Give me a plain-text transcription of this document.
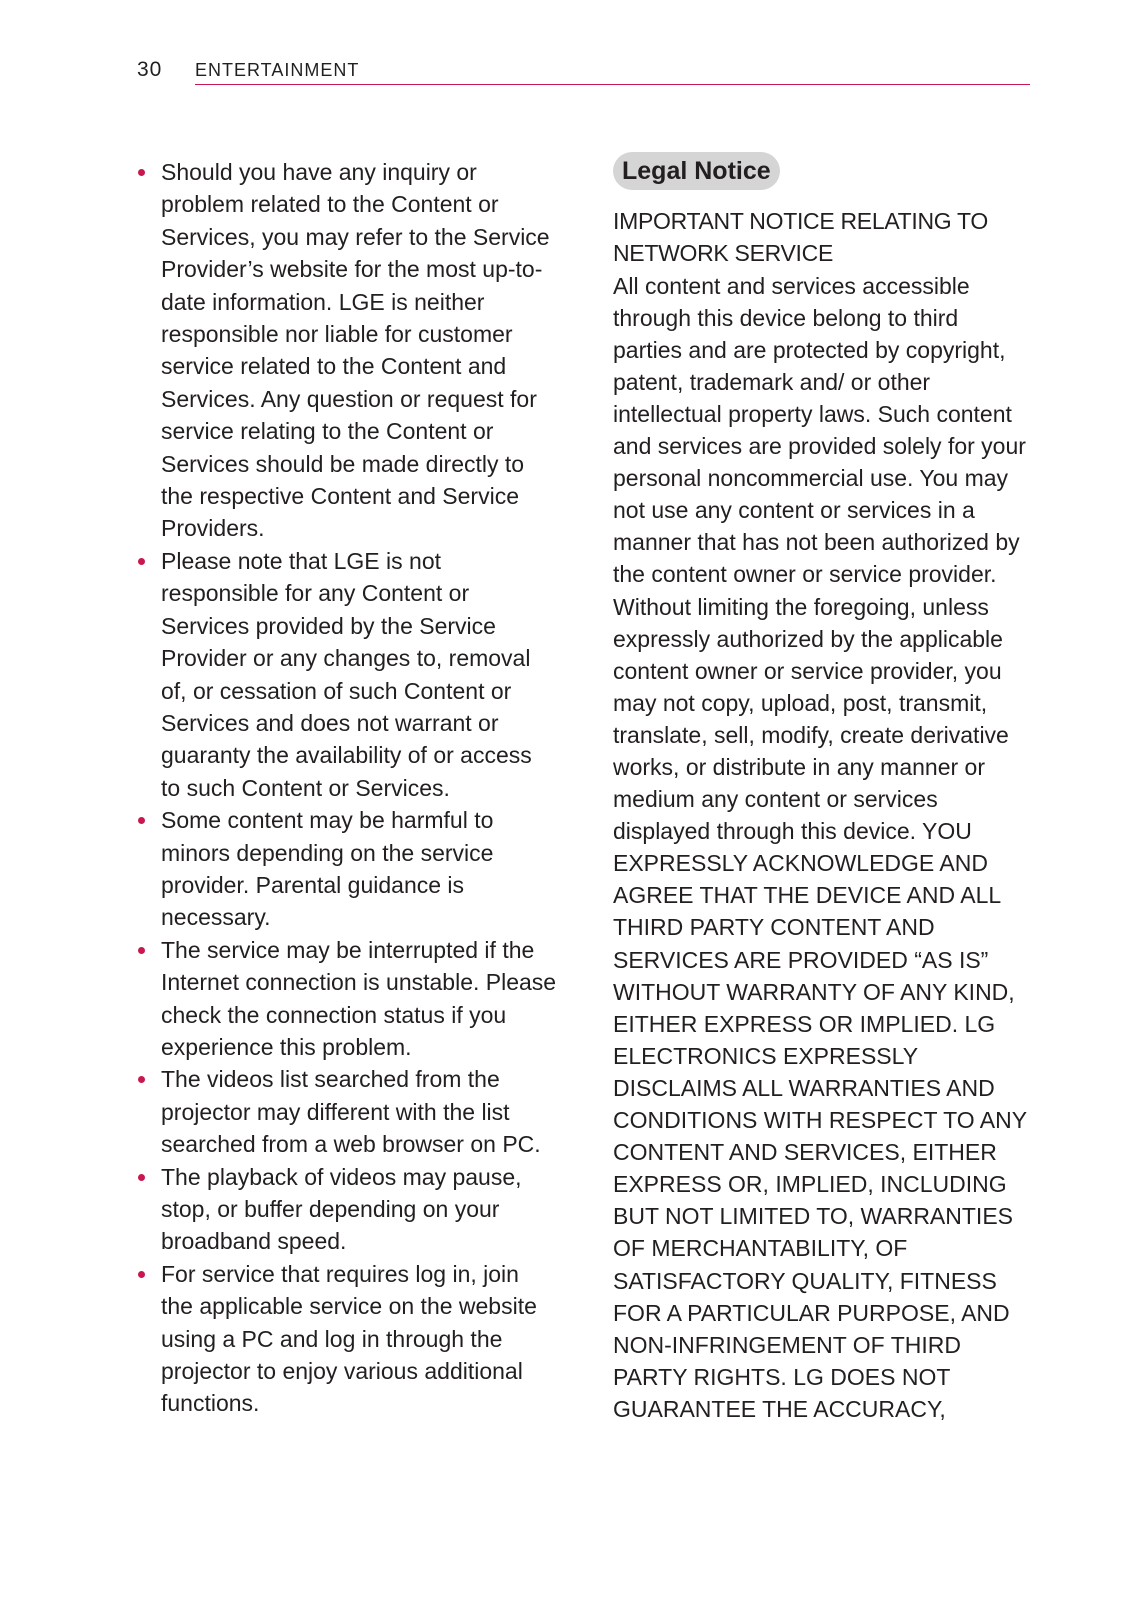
30 ENTERTAINMENT
Should you have any inquiry or problem related to the Content or Services, you may refer to the Service Provider’s website for the most up-to-date information. LGE is neither responsible nor liable for customer service related to the Content and Services. Any question or request for service relating to the Content or Services should be made directly to the respective Content and Service Providers.
Please note that LGE is not responsible for any Content or Services provided by the Service Provider or any changes to, removal of, or cessation of such Content or Services and does not warrant or guaranty the availability of or access to such Content or Services.
Some content may be harmful to minors depending on the service provider. Parental guidance is necessary.
The service may be interrupted if the Internet connection is unstable. Please check the connection status if you experience this problem.
The videos list searched from the projector may different with the list searched from a web browser on PC.
The playback of videos may pause, stop, or buffer depending on your broadband speed.
For service that requires log in, join the applicable service on the website using a PC and log in through the projector to enjoy various additional functions.
Legal Notice
IMPORTANT NOTICE RELATING TO NETWORK SERVICE
All content and services accessible through this device belong to third parties and are protected by copyright, patent, trademark and/ or other intellectual property laws. Such content and services are provided solely for your personal noncommercial use. You may not use any content or services in a manner that has not been authorized by the content owner or service provider. Without limiting the foregoing, unless expressly authorized by the applicable content owner or service provider, you may not copy, upload, post, transmit, translate, sell, modify, create derivative works, or distribute in any manner or medium any content or services displayed through this device. YOU EXPRESSLY ACKNOWLEDGE AND AGREE THAT THE DEVICE AND ALL THIRD PARTY CONTENT AND SERVICES ARE PROVIDED “AS IS” WITHOUT WARRANTY OF ANY KIND, EITHER EXPRESS OR IMPLIED. LG ELECTRONICS EXPRESSLY DISCLAIMS ALL WARRANTIES AND CONDITIONS WITH RESPECT TO ANY CONTENT AND SERVICES, EITHER EXPRESS OR, IMPLIED, INCLUDING BUT NOT LIMITED TO, WARRANTIES OF MERCHANTABILITY, OF SATISFACTORY QUALITY, FITNESS FOR A PARTICULAR PURPOSE, AND NON-INFRINGEMENT OF THIRD PARTY RIGHTS. LG DOES NOT GUARANTEE THE ACCURACY,
